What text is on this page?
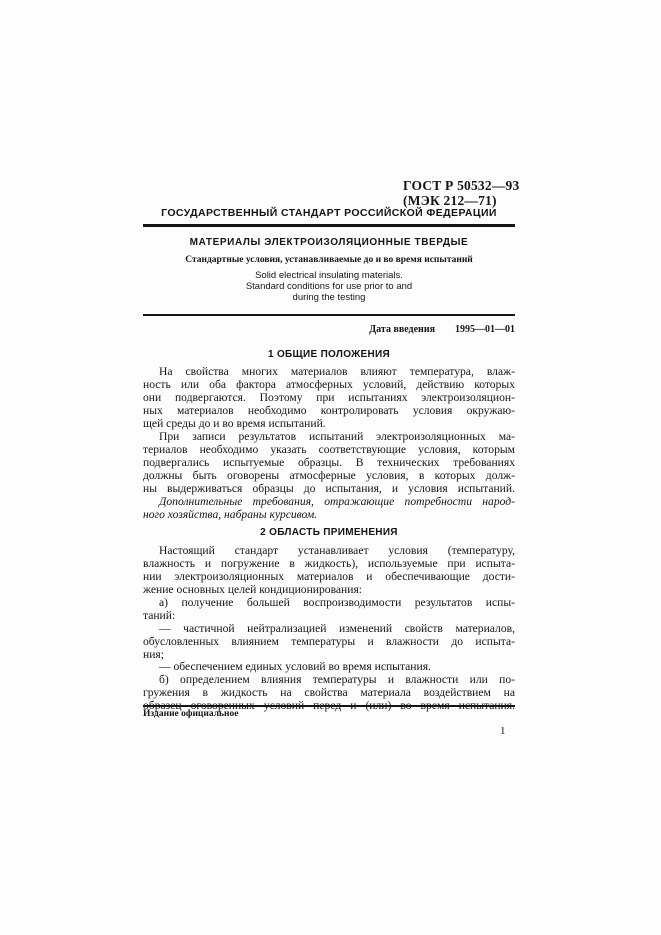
ГОСТ Р 50532—93
(МЭК 212—71)
ГОСУДАРСТВЕННЫЙ СТАНДАРТ РОССИЙСКОЙ ФЕДЕРАЦИИ
МАТЕРИАЛЫ ЭЛЕКТРОИЗОЛЯЦИОННЫЕ ТВЕРДЫЕ
Стандартные условия, устанавливаемые до и во время испытаний
Solid electrical insulating materials.
Standard conditions for use prior to and
during the testing
Дата введения 1995—01—01
1 ОБЩИЕ ПОЛОЖЕНИЯ
На свойства многих материалов влияют температура, влаж-
ность или оба фактора атмосферных условий, действию которых
они подвергаются. Поэтому при испытаниях электроизоляцион-
ных материалов необходимо контролировать условия окружаю-
щей среды до и во время испытаний.
При записи результатов испытаний электроизоляционных ма-
териалов необходимо указать соответствующие условия, которым
подвергались испытуемые образцы. В технических требованиях
должны быть оговорены атмосферные условия, в которых долж-
ны выдерживаться образцы до испытания, и условия испытаний.
Дополнительные требования, отражающие потребности народ-
ного хозяйства, набраны курсивом.
2 ОБЛАСТЬ ПРИМЕНЕНИЯ
Настоящий стандарт устанавливает условия (температуру,
влажность и погружение в жидкость), используемые при испыта-
нии электроизоляционных материалов и обеспечивающие дости-
жение основных целей кондиционирования:
а) получение большей воспроизводимости результатов испы-
таний:
— частичной нейтрализацией изменений свойств материалов,
обусловленных влиянием температуры и влажности до испыта-
ния;
— обеспечением единых условий во время испытания.
б) определением влияния температуры и влажности или по-
гружения в жидкость на свойства материала воздействием на
Издание официальное
1
